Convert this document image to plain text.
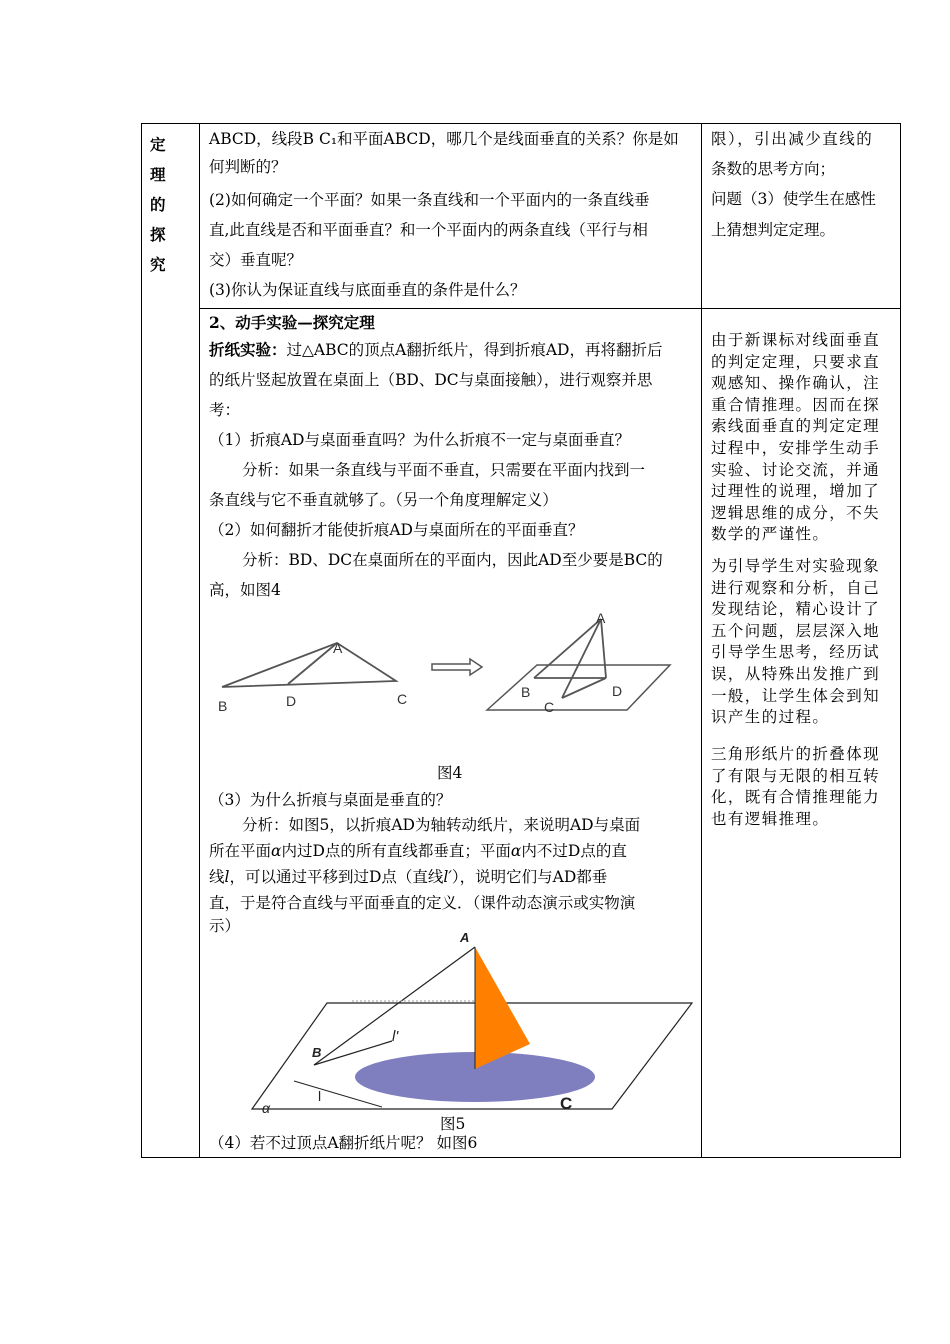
定理的探究
ABCD，线段B C₁和平面ABCD，哪几个是线面垂直的关系？你是如
何判断的？
(2)如何确定一个平面？如果一条直线和一个平面内的一条直线垂
直,此直线是否和平面垂直？和一个平面内的两条直线（平行与相
交）垂直呢？
(3)你认为保证直线与底面垂直的条件是什么？
限），引出减少直线的
条数的思考方向；
问题（3）使学生在感性
上猜想判定定理。
2、动手实验—探究定理
折纸实验：过△ABC的顶点A翻折纸片，得到折痕AD，再将翻折后
的纸片竖起放置在桌面上（BD、DC与桌面接触），进行观察并思
考：
（1）折痕AD与桌面垂直吗？为什么折痕不一定与桌面垂直？
分析：如果一条直线与平面不垂直，只需要在平面内找到一
条直线与它不垂直就够了。（另一个角度理解定义）
（2）如何翻折才能使折痕AD与桌面所在的平面垂直？
分析：BD、DC在桌面所在的平面内，因此AD至少要是BC的
高，如图4
A
B	D	C
A
B
C
D
图4
（3）为什么折痕与桌面是垂直的？
分析：如图5，以折痕AD为轴转动纸片，来说明AD与桌面
所在平面α内过D点的所有直线都垂直；平面α内不过D点的直
线l，可以通过平移到过D点（直线l′），说明它们与AD都垂
直，于是符合直线与平面垂直的定义．（课件动态演示或实物演
示）
A
B
C
l'
l
α
图5
（4）若不过顶点A翻折纸片呢？ 如图6
由于新课标对线面垂直的判定定理，只要求直观感知、操作确认，注重合情推理。因而在探索线面垂直的判定定理过程中，安排学生动手实验、讨论交流，并通过理性的说理，增加了逻辑思维的成分，不失数学的严谨性。
为引导学生对实验现象进行观察和分析，自己发现结论，精心设计了五个问题，层层深入地引导学生思考，经历试误，从特殊出发推广到一般，让学生体会到知识产生的过程。
三角形纸片的折叠体现了有限与无限的相互转化，既有合情推理能力也有逻辑推理。
